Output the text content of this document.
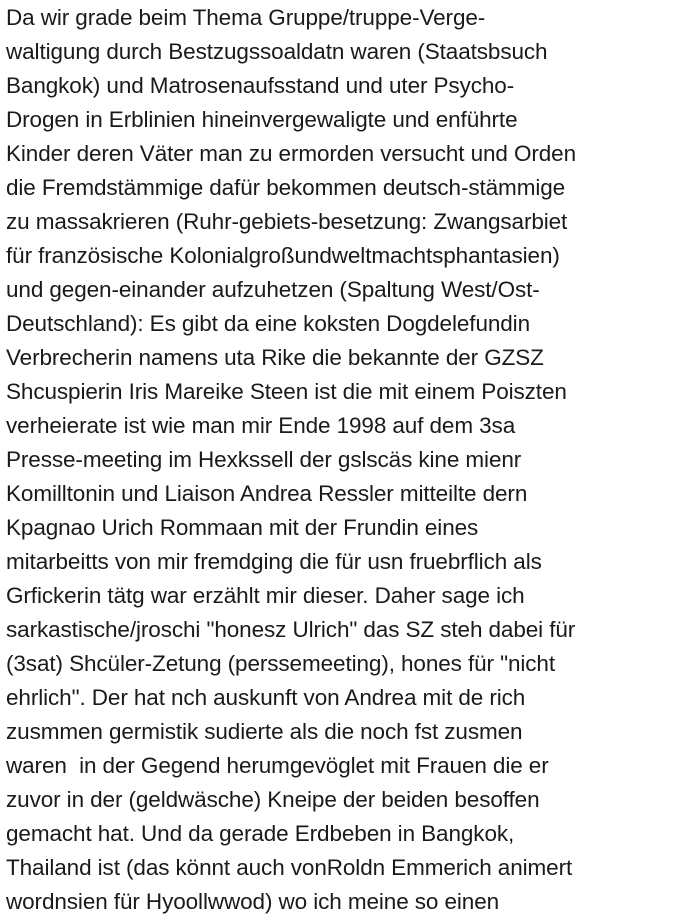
Da wir grade beim Thema Gruppe/truppe-Verge-
waltigung durch Bestzugssoaldatn waren (Staatsbsuch
Bangkok) und Matrosenaufsstand und uter Psycho-
Drogen in Erblinien hineinvergewaligte und enführte
Kinder deren Väter man zu ermorden versucht und Orden
die Fremdstämmige dafür bekommen deutsch-stämmige
zu massakrieren (Ruhr-gebiets-besetzung: Zwangsarbiet
für französische Kolonialgroßundweltmachtsphantasien)
und gegen-einander aufzuhetzen (Spaltung West/Ost-
Deutschland): Es gibt da eine koksten Dogdelefundin
Verbrecherin namens uta Rike die bekannte der GZSZ
Shcuspierin Iris Mareike Steen ist die mit einem Poiszten
verheierate ist wie man mir Ende 1998 auf dem 3sa
Presse-meeting im Hexkssell der gslscäs kine mienr
Komilltonin und Liaison Andrea Ressler mitteilte dern
Kpagnao Urich Rommaan mit der Frundin eines
mitarbeitts von mir fremdging die für usn fruebrflich als
Grfickerin tätg war erzählt mir dieser. Daher sage ich
sarkastische/jroschi "honesz Ulrich" das SZ steh dabei für
(3sat) Shcüler-Zetung (perssemeeting), hones für "nicht
ehrlich". Der hat nch auskunft von Andrea mit de rich
zusmmen germistik sudierte als die noch fst zusmen
waren  in der Gegend herumgevöglet mit Frauen die er
zuvor in der (geldwäsche) Kneipe der beiden besoffen
gemacht hat. Und da gerade Erdbeben in Bangkok,
Thailand ist (das könnt auch vonRoldn Emmerich animert
wordnsien für Hyoollwwod) wo ich meine so einen
